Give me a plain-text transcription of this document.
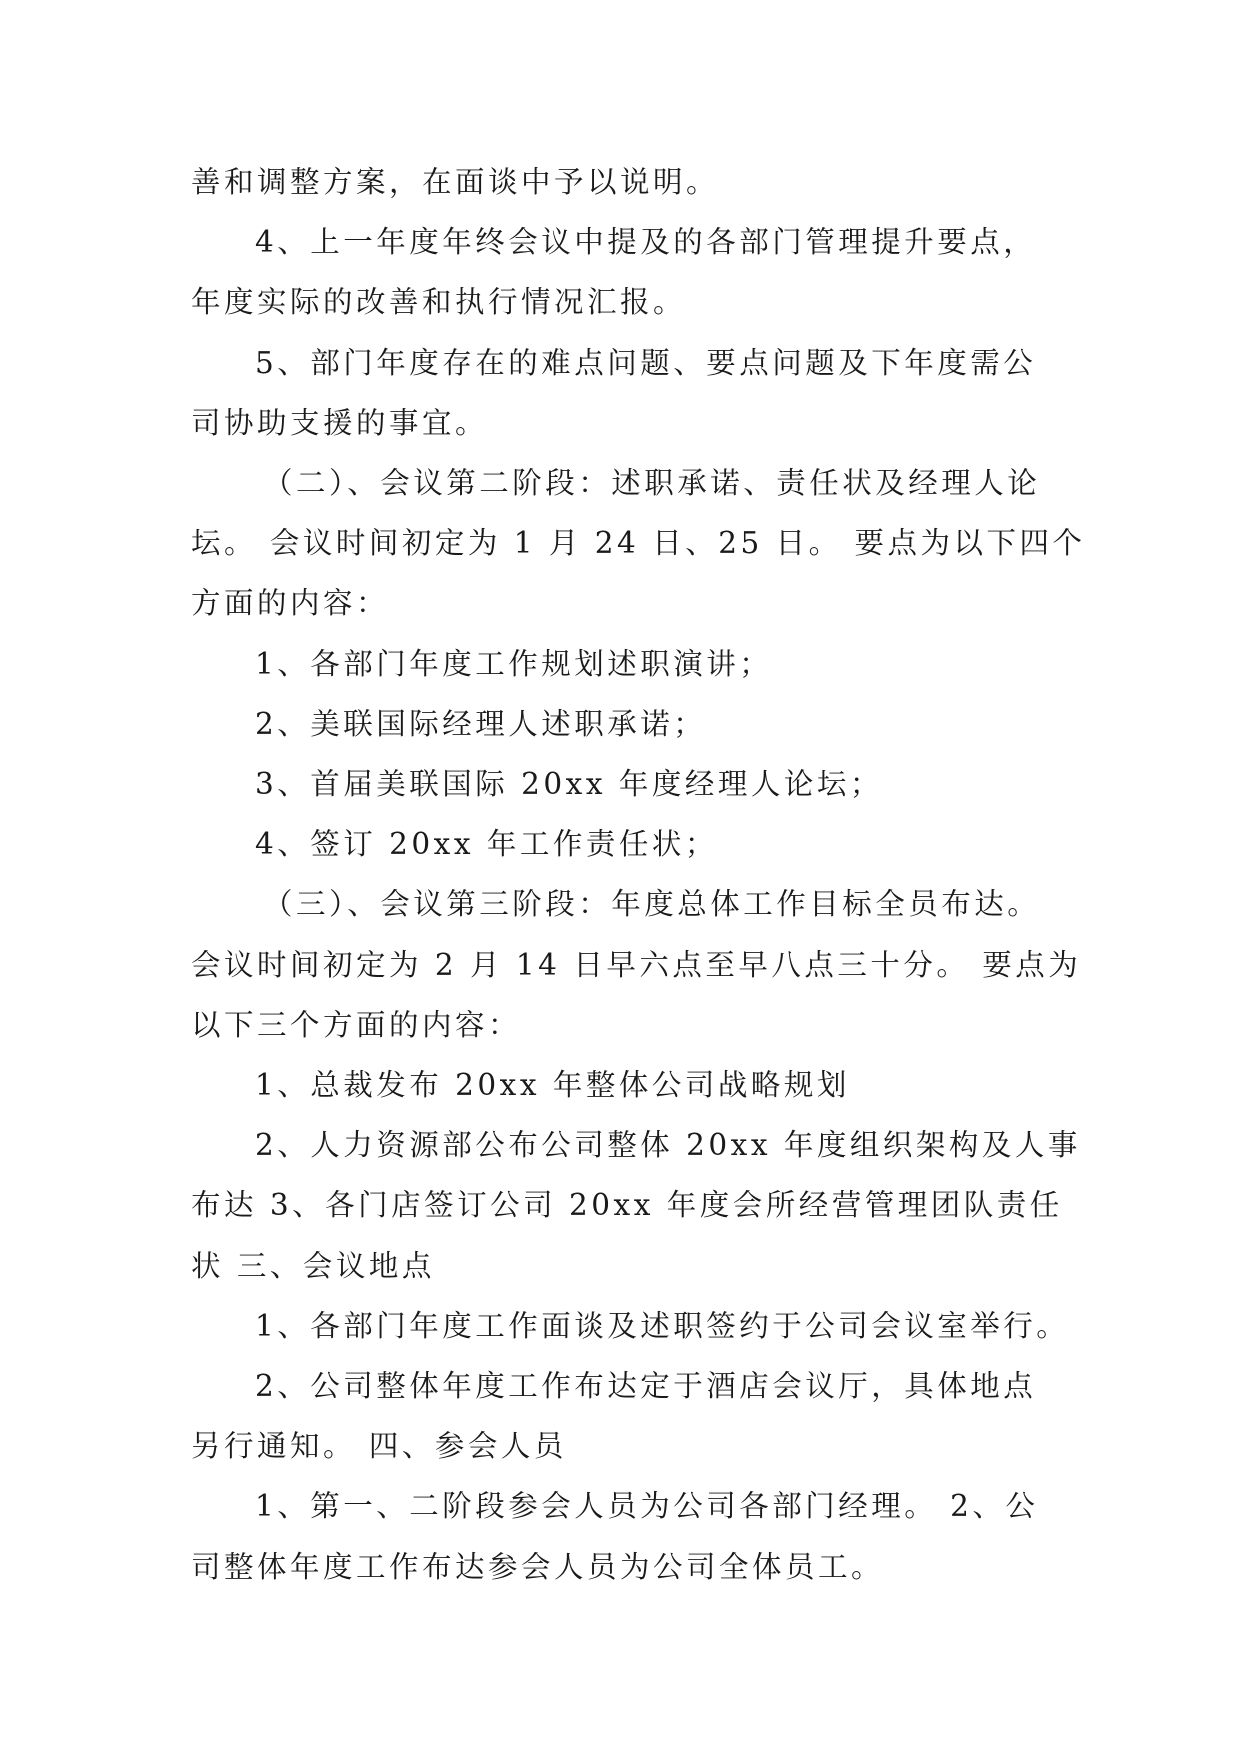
善和调整方案，在面谈中予以说明。

4、上一年度年终会议中提及的各部门管理提升要点，

年度实际的改善和执行情况汇报。

5、部门年度存在的难点问题、要点问题及下年度需公

司协助支援的事宜。

（二）、会议第二阶段：述职承诺、责任状及经理人论

坛。 会议时间初定为 1 月 24 日、25 日。 要点为以下四个

方面的内容：

1、各部门年度工作规划述职演讲；

2、美联国际经理人述职承诺；

3、首届美联国际 20xx 年度经理人论坛；

4、签订 20xx 年工作责任状；

（三）、会议第三阶段：年度总体工作目标全员布达。

会议时间初定为 2 月 14 日早六点至早八点三十分。 要点为

以下三个方面的内容：

1、总裁发布 20xx 年整体公司战略规划

2、人力资源部公布公司整体 20xx 年度组织架构及人事

布达 3、各门店签订公司 20xx 年度会所经营管理团队责任

状 三、会议地点

1、各部门年度工作面谈及述职签约于公司会议室举行。

2、公司整体年度工作布达定于酒店会议厅，具体地点

另行通知。 四、参会人员

1、第一、二阶段参会人员为公司各部门经理。 2、公

司整体年度工作布达参会人员为公司全体员工。
